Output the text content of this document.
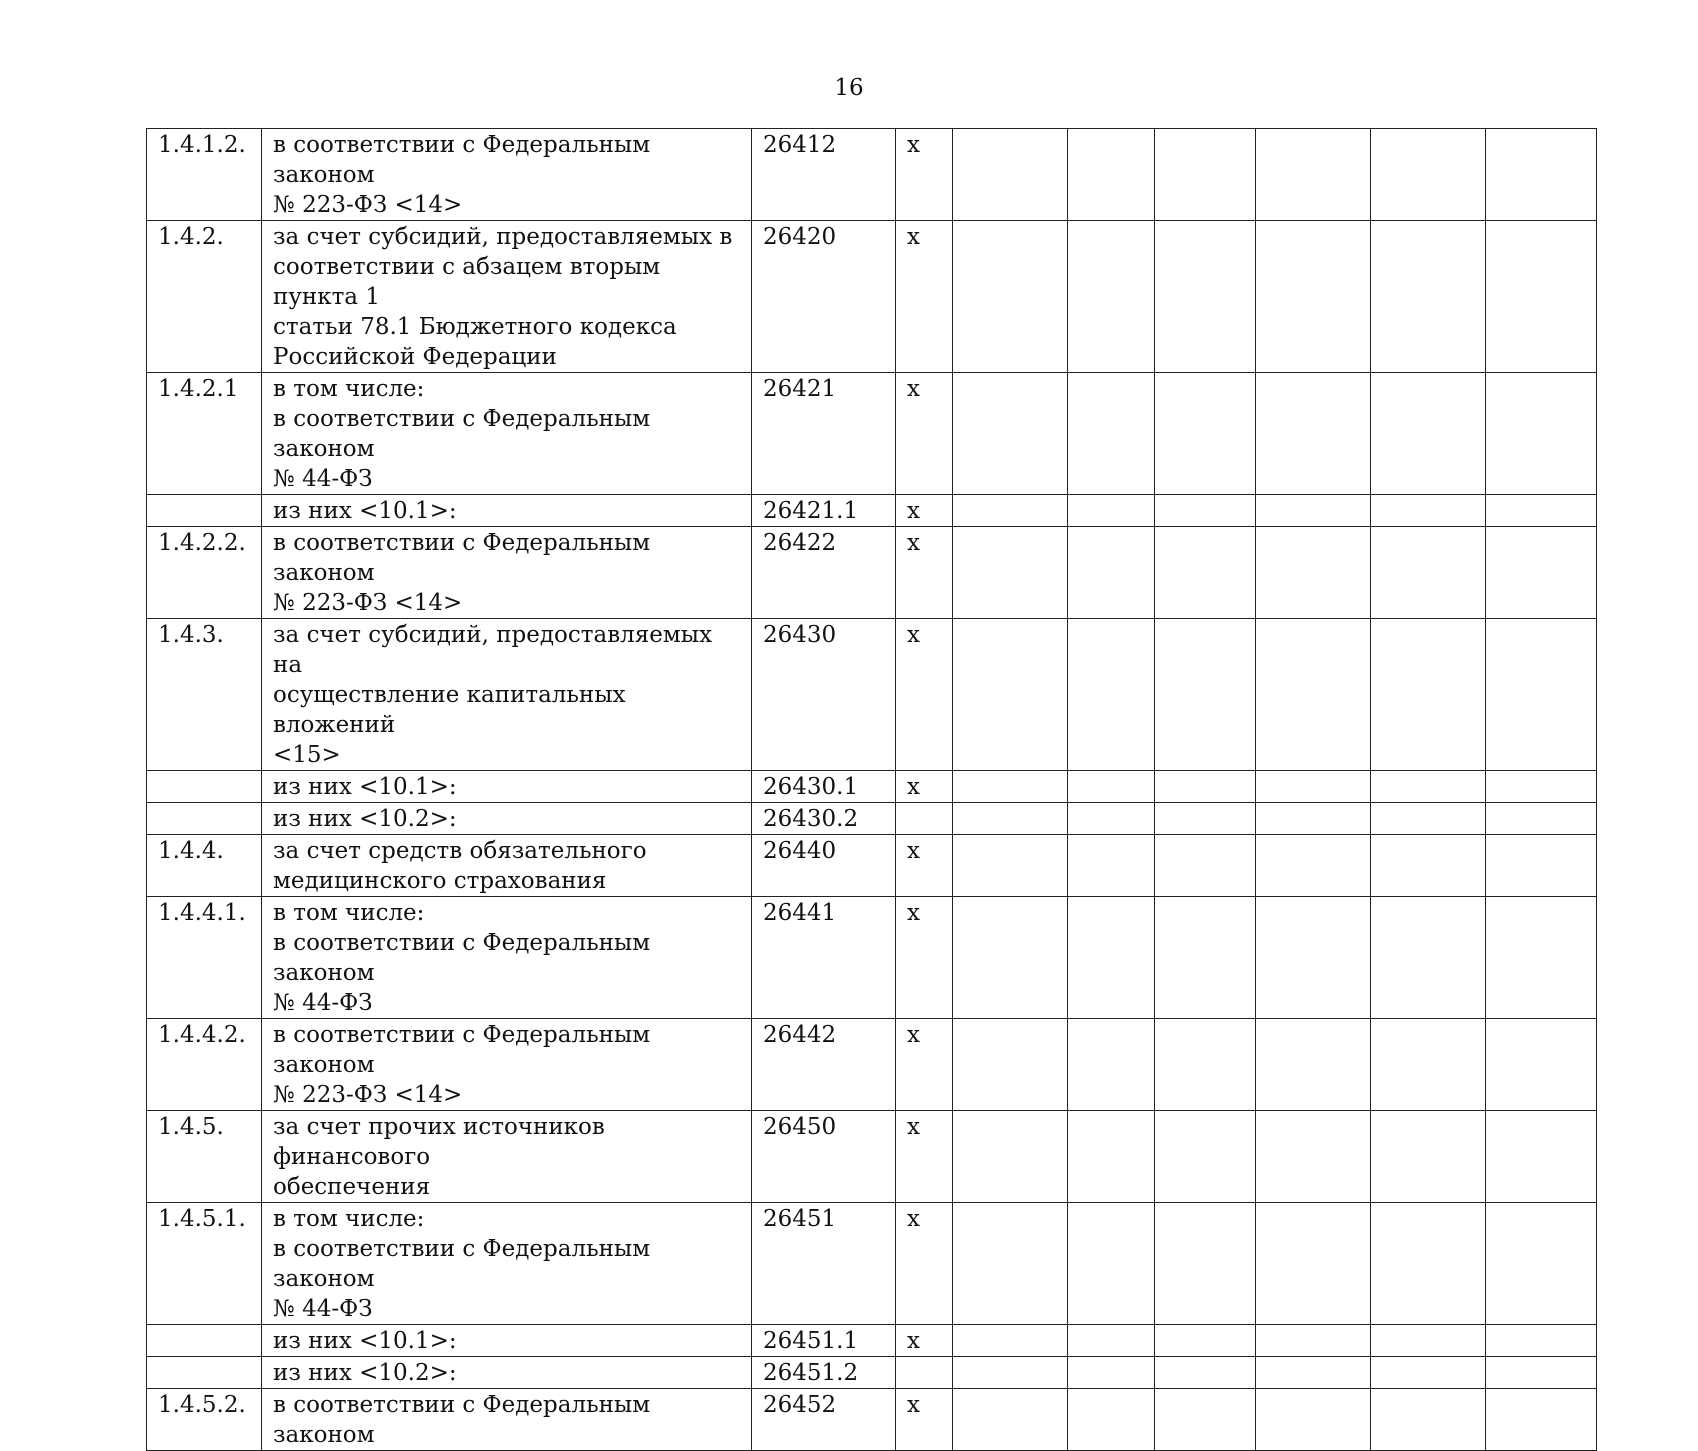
16
1.4.1.2.	в соответствии с Федеральным законом
№ 223-ФЗ <14>	26412	x						
1.4.2.	за счет субсидий, предоставляемых в
соответствии с абзацем вторым пункта 1
статьи 78.1 Бюджетного кодекса
Российской Федерации	26420	x						
1.4.2.1	в том числе:
в соответствии с Федеральным законом
№ 44-ФЗ	26421	x						
	из них <10.1>:	26421.1	x						
1.4.2.2.	в соответствии с Федеральным законом
№ 223-ФЗ <14>	26422	x						
1.4.3.	за счет субсидий, предоставляемых на
осуществление капитальных вложений
<15>	26430	x						
	из них <10.1>:	26430.1	x						
	из них <10.2>:	26430.2							
1.4.4.	за счет средств обязательного
медицинского страхования	26440	x						
1.4.4.1.	в том числе:
в соответствии с Федеральным законом
№ 44-ФЗ	26441	x						
1.4.4.2.	в соответствии с Федеральным законом
№ 223-ФЗ <14>	26442	x						
1.4.5.	за счет прочих источников финансового
обеспечения	26450	x						
1.4.5.1.	в том числе:
в соответствии с Федеральным законом
№ 44-ФЗ	26451	x						
	из них <10.1>:	26451.1	x						
	из них <10.2>:	26451.2							
1.4.5.2.	в соответствии с Федеральным законом	26452	x						
